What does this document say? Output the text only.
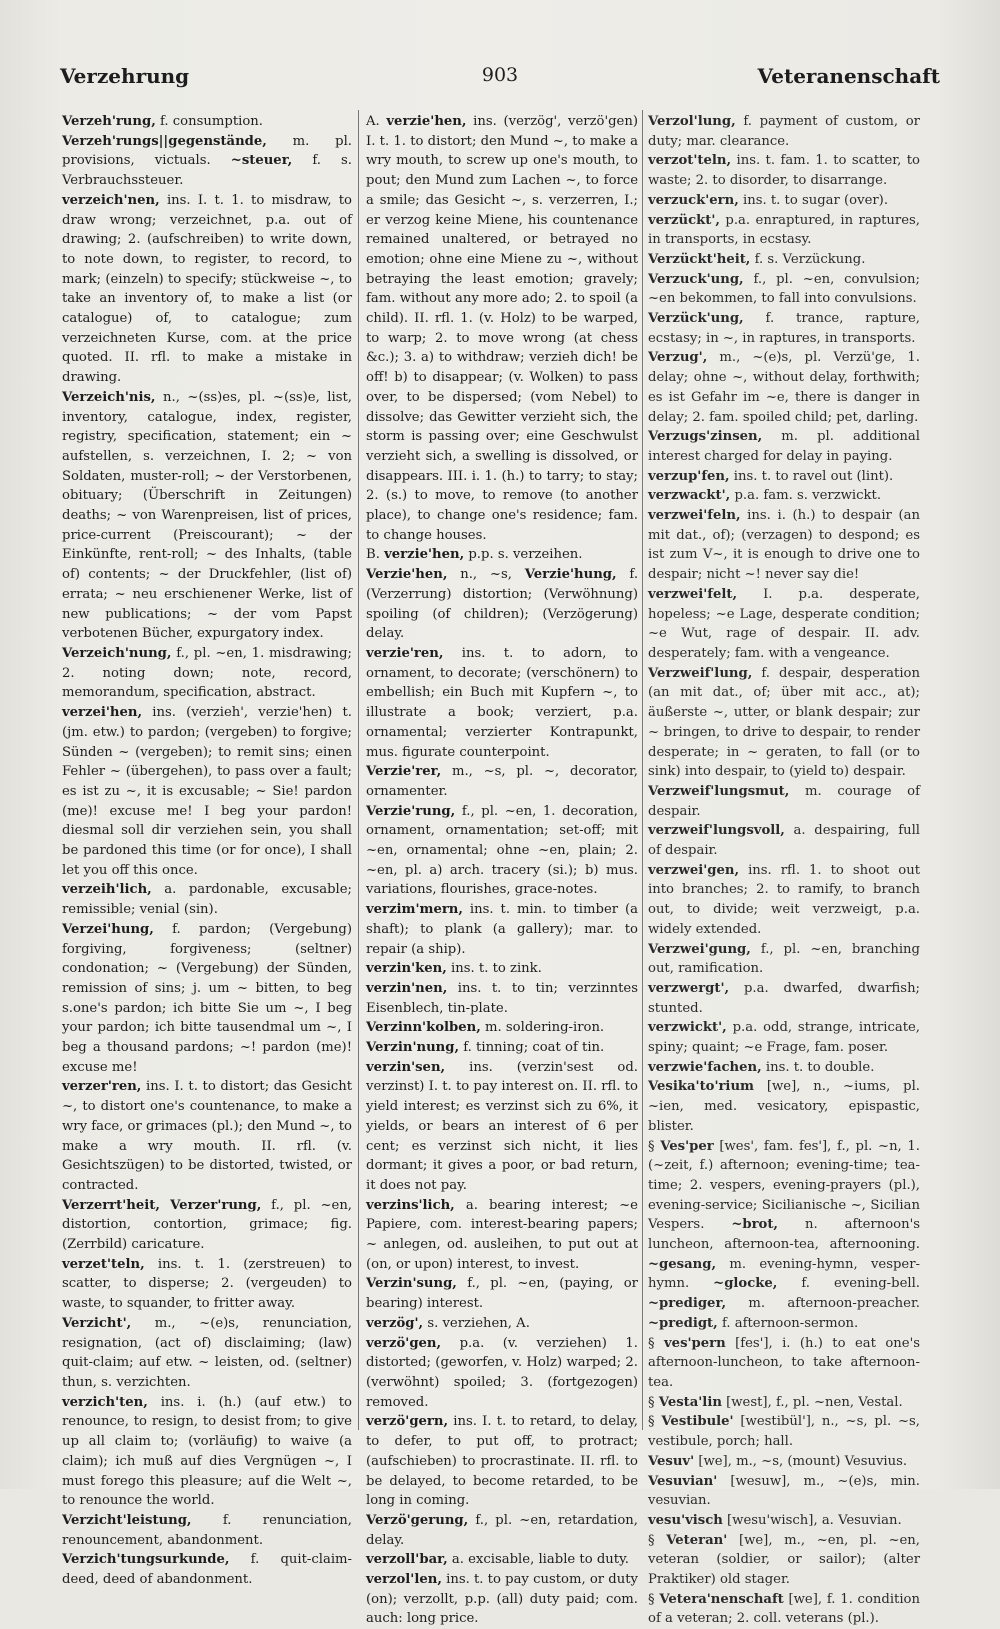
Verzehrung	903	Veteranenschaft

Verzeh'rung, f. consumption.

Verzeh'rungs||gegenstände, m. pl. provisions, victuals. ~steuer, f. s. Verbrauchssteuer.

verzeich'nen, ins. I. t. 1. to misdraw, to draw wrong; verzeichnet, p.a. out of drawing; 2. (aufschreiben) to write down, to note down, to register, to record, to mark; (einzeln) to specify; stückweise ~, to take an inventory of, to make a list (or catalogue) of, to catalogue; zum verzeichneten Kurse, com. at the price quoted. II. rfl. to make a mistake in drawing.

Verzeich'nis, n., ~(ss)es, pl. ~(ss)e, list, inventory, catalogue, index, register, registry, specification, statement; ein ~ aufstellen, s. verzeichnen, I. 2; ~ von Soldaten, muster-roll; ~ der Verstorbenen, obituary; (Überschrift in Zeitungen) deaths; ~ von Warenpreisen, list of prices, price-current (Preiscourant); ~ der Einkünfte, rent-roll; ~ des Inhalts, (table of) contents; ~ der Druckfehler, (list of) errata; ~ neu erschienener Werke, list of new publications; ~ der vom Papst verbotenen Bücher, expurgatory index.

Verzeich'nung, f., pl. ~en, 1. misdrawing; 2. noting down; note, record, memorandum, specification, abstract.

verzei'hen, ins. (verzieh', verzie'hen) t. (jm. etw.) to pardon; (vergeben) to forgive; Sünden ~ (vergeben); to remit sins; einen Fehler ~ (übergehen), to pass over a fault; es ist zu ~, it is excusable; ~ Sie! pardon (me)! excuse me! I beg your pardon! diesmal soll dir verziehen sein, you shall be pardoned this time (or for once), I shall let you off this once.

verzeih'lich, a. pardonable, excusable; remissible; venial (sin).

Verzei'hung, f. pardon; (Vergebung) forgiving, forgiveness; (seltner) condonation; ~ (Vergebung) der Sünden, remission of sins; j. um ~ bitten, to beg s.one's pardon; ich bitte Sie um ~, I beg your pardon; ich bitte tausendmal um ~, I beg a thousand pardons; ~! pardon (me)! excuse me!

verzer'ren, ins. I. t. to distort; das Gesicht ~, to distort one's countenance, to make a wry face, or grimaces (pl.); den Mund ~, to make a wry mouth. II. rfl. (v. Gesichtszügen) to be distorted, twisted, or contracted.

Verzerrt'heit, Verzer'rung, f., pl. ~en, distortion, contortion, grimace; fig. (Zerrbild) caricature.

verzet'teln, ins. t. 1. (zerstreuen) to scatter, to disperse; 2. (vergeuden) to waste, to squander, to fritter away.

Verzicht', m., ~(e)s, renunciation, resignation, (act of) disclaiming; (law) quit-claim; auf etw. ~ leisten, od. (seltner) thun, s. verzichten.

verzich'ten, ins. i. (h.) (auf etw.) to renounce, to resign, to desist from; to give up all claim to; (vorläufig) to waive (a claim); ich muß auf dies Vergnügen ~, I must forego this pleasure; auf die Welt ~, to renounce the world.

Verzicht'leistung, f. renunciation, renouncement, abandonment.

Verzich'tungsurkunde, f. quit-claim-deed, deed of abandonment.

A. verzie'hen, ins. (verzög', verzö'gen) I. t. 1. to distort; den Mund ~, to make a wry mouth, to screw up one's mouth, to pout; den Mund zum Lachen ~, to force a smile; das Gesicht ~, s. verzerren, I.; er verzog keine Miene, his countenance remained unaltered, or betrayed no emotion; ohne eine Miene zu ~, without betraying the least emotion; gravely; fam. without any more ado; 2. to spoil (a child). II. rfl. 1. (v. Holz) to be warped, to warp; 2. to move wrong (at chess &c.); 3. a) to withdraw; verzieh dich! be off! b) to disappear; (v. Wolken) to pass over, to be dispersed; (vom Nebel) to dissolve; das Gewitter verzieht sich, the storm is passing over; eine Geschwulst verzieht sich, a swelling is dissolved, or disappears. III. i. 1. (h.) to tarry; to stay; 2. (s.) to move, to remove (to another place), to change one's residence; fam. to change houses.

B. verzie'hen, p.p. s. verzeihen.

Verzie'hen, n., ~s, Verzie'hung, f. (Verzerrung) distortion; (Verwöhnung) spoiling (of children); (Verzögerung) delay.

verzie'ren, ins. t. to adorn, to ornament, to decorate; (verschönern) to embellish; ein Buch mit Kupfern ~, to illustrate a book; verziert, p.a. ornamental; verzierter Kontrapunkt, mus. figurate counterpoint.

Verzie'rer, m., ~s, pl. ~, decorator, ornamenter.

Verzie'rung, f., pl. ~en, 1. decoration, ornament, ornamentation; set-off; mit ~en, ornamental; ohne ~en, plain; 2. ~en, pl. a) arch. tracery (si.); b) mus. variations, flourishes, grace-notes.

verzim'mern, ins. t. min. to timber (a shaft); to plank (a gallery); mar. to repair (a ship).

verzin'ken, ins. t. to zink.

verzin'nen, ins. t. to tin; verzinntes Eisenblech, tin-plate.

Verzinn'kolben, m. soldering-iron.

Verzin'nung, f. tinning; coat of tin.

verzin'sen, ins. (verzin'sest od. verzinst) I. t. to pay interest on. II. rfl. to yield interest; es verzinst sich zu 6%, it yields, or bears an interest of 6 per cent; es verzinst sich nicht, it lies dormant; it gives a poor, or bad return, it does not pay.

verzins'lich, a. bearing interest; ~e Papiere, com. interest-bearing papers; ~ anlegen, od. ausleihen, to put out at (on, or upon) interest, to invest.

Verzin'sung, f., pl. ~en, (paying, or bearing) interest.

verzög', s. verziehen, A.

verzö'gen, p.a. (v. verziehen) 1. distorted; (geworfen, v. Holz) warped; 2. (verwöhnt) spoiled; 3. (fortgezogen) removed.

verzö'gern, ins. I. t. to retard, to delay, to defer, to put off, to protract; (aufschieben) to procrastinate. II. rfl. to be delayed, to become retarded, to be long in coming.

Verzö'gerung, f., pl. ~en, retardation, delay.

verzoll'bar, a. excisable, liable to duty.

verzol'len, ins. t. to pay custom, or duty (on); verzollt, p.p. (all) duty paid; com. auch: long price.

Verzol'lung, f. payment of custom, or duty; mar. clearance.

verzot'teln, ins. t. fam. 1. to scatter, to waste; 2. to disorder, to disarrange.

verzuck'ern, ins. t. to sugar (over).

verzückt', p.a. enraptured, in raptures, in transports, in ecstasy.

Verzückt'heit, f. s. Verzückung.

Verzuck'ung, f., pl. ~en, convulsion; ~en bekommen, to fall into convulsions.

Verzück'ung, f. trance, rapture, ecstasy; in ~, in raptures, in transports.

Verzug', m., ~(e)s, pl. Verzü'ge, 1. delay; ohne ~, without delay, forthwith; es ist Gefahr im ~e, there is danger in delay; 2. fam. spoiled child; pet, darling.

Verzugs'zinsen, m. pl. additional interest charged for delay in paying.

verzup'fen, ins. t. to ravel out (lint).

verzwackt', p.a. fam. s. verzwickt.

verzwei'feln, ins. i. (h.) to despair (an mit dat., of); (verzagen) to despond; es ist zum V~, it is enough to drive one to despair; nicht ~! never say die!

verzwei'felt, I. p.a. desperate, hopeless; ~e Lage, desperate condition; ~e Wut, rage of despair. II. adv. desperately; fam. with a vengeance.

Verzweif'lung, f. despair, desperation (an mit dat., of; über mit acc., at); äußerste ~, utter, or blank despair; zur ~ bringen, to drive to despair, to render desperate; in ~ geraten, to fall (or to sink) into despair, to (yield to) despair.

Verzweif'lungsmut, m. courage of despair.

verzweif'lungsvoll, a. despairing, full of despair.

verzwei'gen, ins. rfl. 1. to shoot out into branches; 2. to ramify, to branch out, to divide; weit verzweigt, p.a. widely extended.

Verzwei'gung, f., pl. ~en, branching out, ramification.

verzwergt', p.a. dwarfed, dwarfish; stunted.

verzwickt', p.a. odd, strange, intricate, spiny; quaint; ~e Frage, fam. poser.

verzwie'fachen, ins. t. to double.

Vesika'to'rium [we], n., ~iums, pl. ~ien, med. vesicatory, epispastic, blister.

§ Ves'per [wes', fam. fes'], f., pl. ~n, 1. (~zeit, f.) afternoon; evening-time; tea-time; 2. vespers, evening-prayers (pl.), evening-service; Sicilianische ~, Sicilian Vespers. ~brot, n. afternoon's luncheon, afternoon-tea, afternooning. ~gesang, m. evening-hymn, vesper-hymn. ~glocke, f. evening-bell. ~prediger, m. afternoon-preacher. ~predigt, f. afternoon-sermon.

§ ves'pern [fes'], i. (h.) to eat one's afternoon-luncheon, to take afternoon-tea.

§ Vesta'lin [west], f., pl. ~nen, Vestal.

§ Vestibule' [westibül'], n., ~s, pl. ~s, vestibule, porch; hall.

Vesuv' [we], m., ~s, (mount) Vesuvius.

Vesuvian' [wesuw], m., ~(e)s, min. vesuvian.

vesu'visch [wesu'wisch], a. Vesuvian.

§ Veteran' [we], m., ~en, pl. ~en, veteran (soldier, or sailor); (alter Praktiker) old stager.

§ Vetera'nenschaft [we], f. 1. condition of a veteran; 2. coll. veterans (pl.).
